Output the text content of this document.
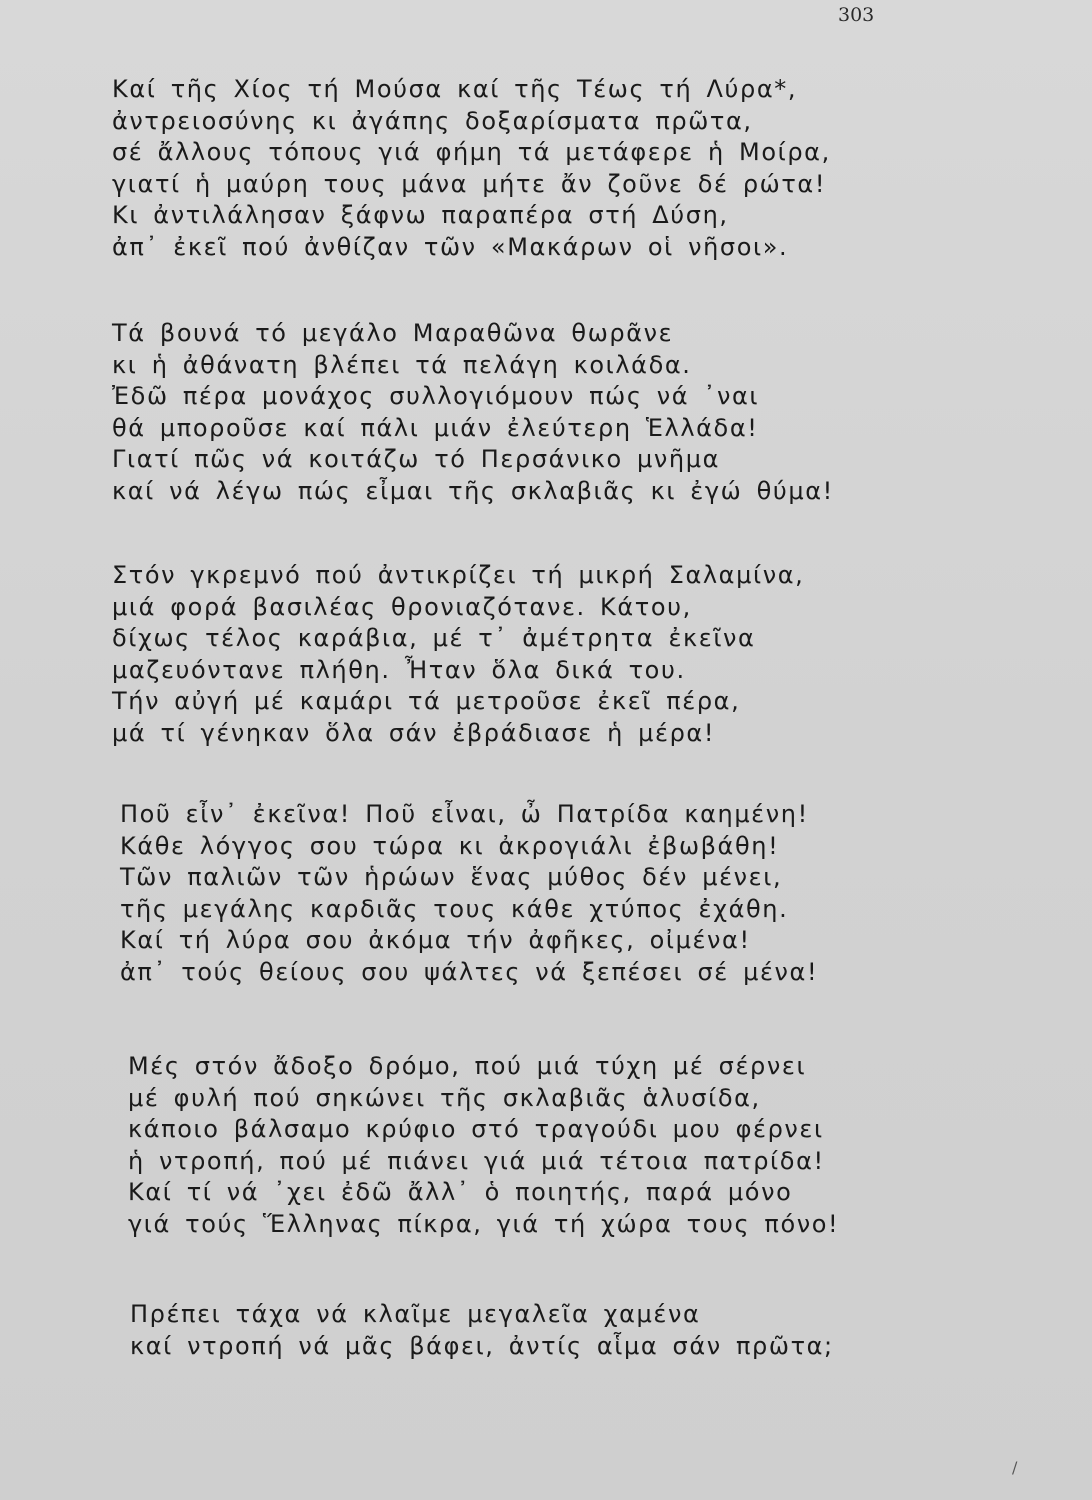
303
Καί τῆς Χίος τή Μούσα καί τῆς Τέως τή Λύρα*,
ἀντρειοσύνης κι ἀγάπης δοξαρίσματα πρῶτα,
σέ ἄλλους τόπους γιά φήμη τά μετάφερε ἡ Μοίρα,
γιατί ἡ μαύρη τους μάνα μήτε ἄν ζοῦνε δέ ρώτα!
Κι ἀντιλάλησαν ξάφνω παραπέρα στή Δύση,
ἀπ᾿ ἐκεῖ πού ἀνθίζαν τῶν «Μακάρων οἱ νῆσοι».
Τά βουνά τό μεγάλο Μαραθῶνα θωρᾶνε
κι ἡ ἀθάνατη βλέπει τά πελάγη κοιλάδα.
Ἐδῶ πέρα μονάχος συλλογιόμουν πώς νά ᾿ναι
θά μποροῦσε καί πάλι μιάν ἐλεύτερη Ἑλλάδα!
Γιατί πῶς νά κοιτάζω τό Περσάνικο μνῆμα
καί νά λέγω πώς εἶμαι τῆς σκλαβιᾶς κι ἐγώ θύμα!
Στόν γκρεμνό πού ἀντικρίζει τή μικρή Σαλαμίνα,
μιά φορά βασιλέας θρονιαζότανε. Κάτου,
δίχως τέλος καράβια, μέ τ᾿ ἀμέτρητα ἐκεῖνα
μαζευόντανε πλήθη. Ἦταν ὅλα δικά του.
Τήν αὐγή μέ καμάρι τά μετροῦσε ἐκεῖ πέρα,
μά τί γένηκαν ὅλα σάν ἐβράδιασε ἡ μέρα!
Ποῦ εἶν᾿ ἐκεῖνα! Ποῦ εἶναι, ὦ Πατρίδα καημένη!
Κάθε λόγγος σου τώρα κι ἀκρογιάλι ἐβωβάθη!
Τῶν παλιῶν τῶν ἡρώων ἕνας μύθος δέν μένει,
τῆς μεγάλης καρδιᾶς τους κάθε χτύπος ἐχάθη.
Καί τή λύρα σου ἀκόμα τήν ἀφῆκες, οἰμένα!
ἀπ᾿ τούς θείους σου ψάλτες νά ξεπέσει σέ μένα!
Μές στόν ἄδοξο δρόμο, πού μιά τύχη μέ σέρνει
μέ φυλή πού σηκώνει τῆς σκλαβιᾶς ἁλυσίδα,
κάποιο βάλσαμο κρύφιο στό τραγούδι μου φέρνει
ἡ ντροπή, πού μέ πιάνει γιά μιά τέτοια πατρίδα!
Καί τί νά ᾿χει ἐδῶ ἄλλ᾿ ὁ ποιητής, παρά μόνο
γιά τούς Ἕλληνας πίκρα, γιά τή χώρα τους πόνο!
Πρέπει τάχα νά κλαῖμε μεγαλεῖα χαμένα
καί ντροπή νά μᾶς βάφει, ἀντίς αἷμα σάν πρῶτα;
/
